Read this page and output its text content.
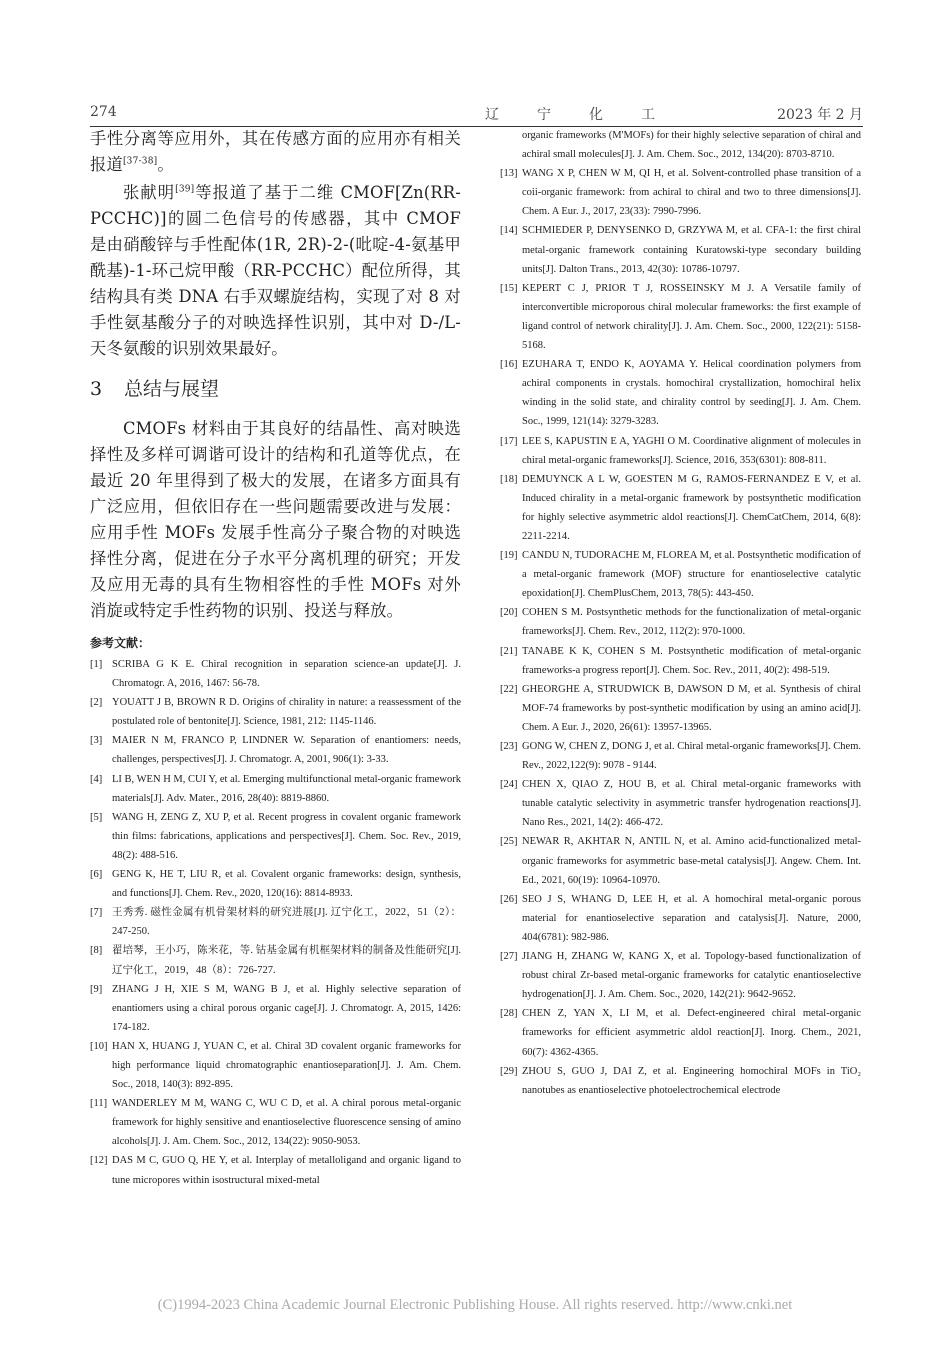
274	辽	宁	化	工	2023 年 2 月

手性分离等应用外，其在传感方面的应用亦有相关报道[37-38]。

张献明[39]等报道了基于二维 CMOF[Zn(RR-PCCHC)]的圆二色信号的传感器，其中 CMOF 是由硝酸锌与手性配体(1R, 2R)-2-(吡啶-4-氨基甲酰基)-1-环己烷甲酸（RR-PCCHC）配位所得，其结构具有类 DNA 右手双螺旋结构，实现了对 8 对手性氨基酸分子的对映选择性识别，其中对 D-/L-天冬氨酸的识别效果最好。

3 总结与展望

CMOFs 材料由于其良好的结晶性、高对映选择性及多样可调谐可设计的结构和孔道等优点，在最近 20 年里得到了极大的发展，在诸多方面具有广泛应用，但依旧存在一些问题需要改进与发展：应用手性 MOFs 发展手性高分子聚合物的对映选择性分离，促进在分子水平分离机理的研究；开发及应用无毒的具有生物相容性的手性 MOFs 对外消旋或特定手性药物的识别、投送与释放。

参考文献：

[1] SCRIBA G K E. Chiral recognition in separation science-an update[J]. J. Chromatogr. A, 2016, 1467: 56-78.

[2] YOUATT J B, BROWN R D. Origins of chirality in nature: a reassessment of the postulated role of bentonite[J]. Science, 1981, 212: 1145-1146.

[3] MAIER N M, FRANCO P, LINDNER W. Separation of enantiomers: needs, challenges, perspectives[J]. J. Chromatogr. A, 2001, 906(1): 3-33.

[4] LI B, WEN H M, CUI Y, et al. Emerging multifunctional metal-organic framework materials[J]. Adv. Mater., 2016, 28(40): 8819-8860.

[5] WANG H, ZENG Z, XU P, et al. Recent progress in covalent organic framework thin films: fabrications, applications and perspectives[J]. Chem. Soc. Rev., 2019, 48(2): 488-516.

[6] GENG K, HE T, LIU R, et al. Covalent organic frameworks: design, synthesis, and functions[J]. Chem. Rev., 2020, 120(16): 8814-8933.

[7] 王秀秀. 磁性金属有机骨架材料的研究进展[J]. 辽宁化工，2022，51（2）：247-250.

[8] 翟培琴，王小巧，陈米花，等. 钴基金属有机框架材料的制备及性能研究[J]. 辽宁化工，2019，48（8）：726-727.

[9] ZHANG J H, XIE S M, WANG B J, et al. Highly selective separation of enantiomers using a chiral porous organic cage[J]. J. Chromatogr. A, 2015, 1426: 174-182.

[10] HAN X, HUANG J, YUAN C, et al. Chiral 3D covalent organic frameworks for high performance liquid chromatographic enantioseparation[J]. J. Am. Chem. Soc., 2018, 140(3): 892-895.

[11] WANDERLEY M M, WANG C, WU C D, et al. A chiral porous metal-organic framework for highly sensitive and enantioselective fluorescence sensing of amino alcohols[J]. J. Am. Chem. Soc., 2012, 134(22): 9050-9053.

[12] DAS M C, GUO Q, HE Y, et al. Interplay of metalloligand and organic ligand to tune micropores within isostructural mixed-metal

organic frameworks (M'MOFs) for their highly selective separation of chiral and achiral small molecules[J]. J. Am. Chem. Soc., 2012, 134(20): 8703-8710.

[13] WANG X P, CHEN W M, QI H, et al. Solvent-controlled phase transition of a coii-organic framework: from achiral to chiral and two to three dimensions[J]. Chem. A Eur. J., 2017, 23(33): 7990-7996.

[14] SCHMIEDER P, DENYSENKO D, GRZYWA M, et al. CFA-1: the first chiral metal-organic framework containing Kuratowski-type secondary building units[J]. Dalton Trans., 2013, 42(30): 10786-10797.

[15] KEPERT C J, PRIOR T J, ROSSEINSKY M J. A Versatile family of interconvertible microporous chiral molecular frameworks: the first example of ligand control of network chirality[J]. J. Am. Chem. Soc., 2000, 122(21): 5158-5168.

[16] EZUHARA T, ENDO K, AOYAMA Y. Helical coordination polymers from achiral components in crystals. homochiral crystallization, homochiral helix winding in the solid state, and chirality control by seeding[J]. J. Am. Chem. Soc., 1999, 121(14): 3279-3283.

[17] LEE S, KAPUSTIN E A, YAGHI O M. Coordinative alignment of molecules in chiral metal-organic frameworks[J]. Science, 2016, 353(6301): 808-811.

[18] DEMUYNCK A L W, GOESTEN M G, RAMOS-FERNANDEZ E V, et al. Induced chirality in a metal-organic framework by postsynthetic modification for highly selective asymmetric aldol reactions[J]. ChemCatChem, 2014, 6(8): 2211-2214.

[19] CANDU N, TUDORACHE M, FLOREA M, et al. Postsynthetic modification of a metal-organic framework (MOF) structure for enantioselective catalytic epoxidation[J]. ChemPlusChem, 2013, 78(5): 443-450.

[20] COHEN S M. Postsynthetic methods for the functionalization of metal-organic frameworks[J]. Chem. Rev., 2012, 112(2): 970-1000.

[21] TANABE K K, COHEN S M. Postsynthetic modification of metal-organic frameworks-a progress report[J]. Chem. Soc. Rev., 2011, 40(2): 498-519.

[22] GHEORGHE A, STRUDWICK B, DAWSON D M, et al. Synthesis of chiral MOF-74 frameworks by post-synthetic modification by using an amino acid[J]. Chem. A Eur. J., 2020, 26(61): 13957-13965.

[23] GONG W, CHEN Z, DONG J, et al. Chiral metal-organic frameworks[J]. Chem. Rev., 2022,122(9): 9078 - 9144.

[24] CHEN X, QIAO Z, HOU B, et al. Chiral metal-organic frameworks with tunable catalytic selectivity in asymmetric transfer hydrogenation reactions[J]. Nano Res., 2021, 14(2): 466-472.

[25] NEWAR R, AKHTAR N, ANTIL N, et al. Amino acid-functionalized metal-organic frameworks for asymmetric base-metal catalysis[J]. Angew. Chem. Int. Ed., 2021, 60(19): 10964-10970.

[26] SEO J S, WHANG D, LEE H, et al. A homochiral metal-organic porous material for enantioselective separation and catalysis[J]. Nature, 2000, 404(6781): 982-986.

[27] JIANG H, ZHANG W, KANG X, et al. Topology-based functionalization of robust chiral Zr-based metal-organic frameworks for catalytic enantioselective hydrogenation[J]. J. Am. Chem. Soc., 2020, 142(21): 9642-9652.

[28] CHEN Z, YAN X, LI M, et al. Defect-engineered chiral metal-organic frameworks for efficient asymmetric aldol reaction[J]. Inorg. Chem., 2021, 60(7): 4362-4365.

[29] ZHOU S, GUO J, DAI Z, et al. Engineering homochiral MOFs in TiO₂ nanotubes as enantioselective photoelectrochemical electrode

(C)1994-2023 China Academic Journal Electronic Publishing House. All rights reserved. http://www.cnki.net
